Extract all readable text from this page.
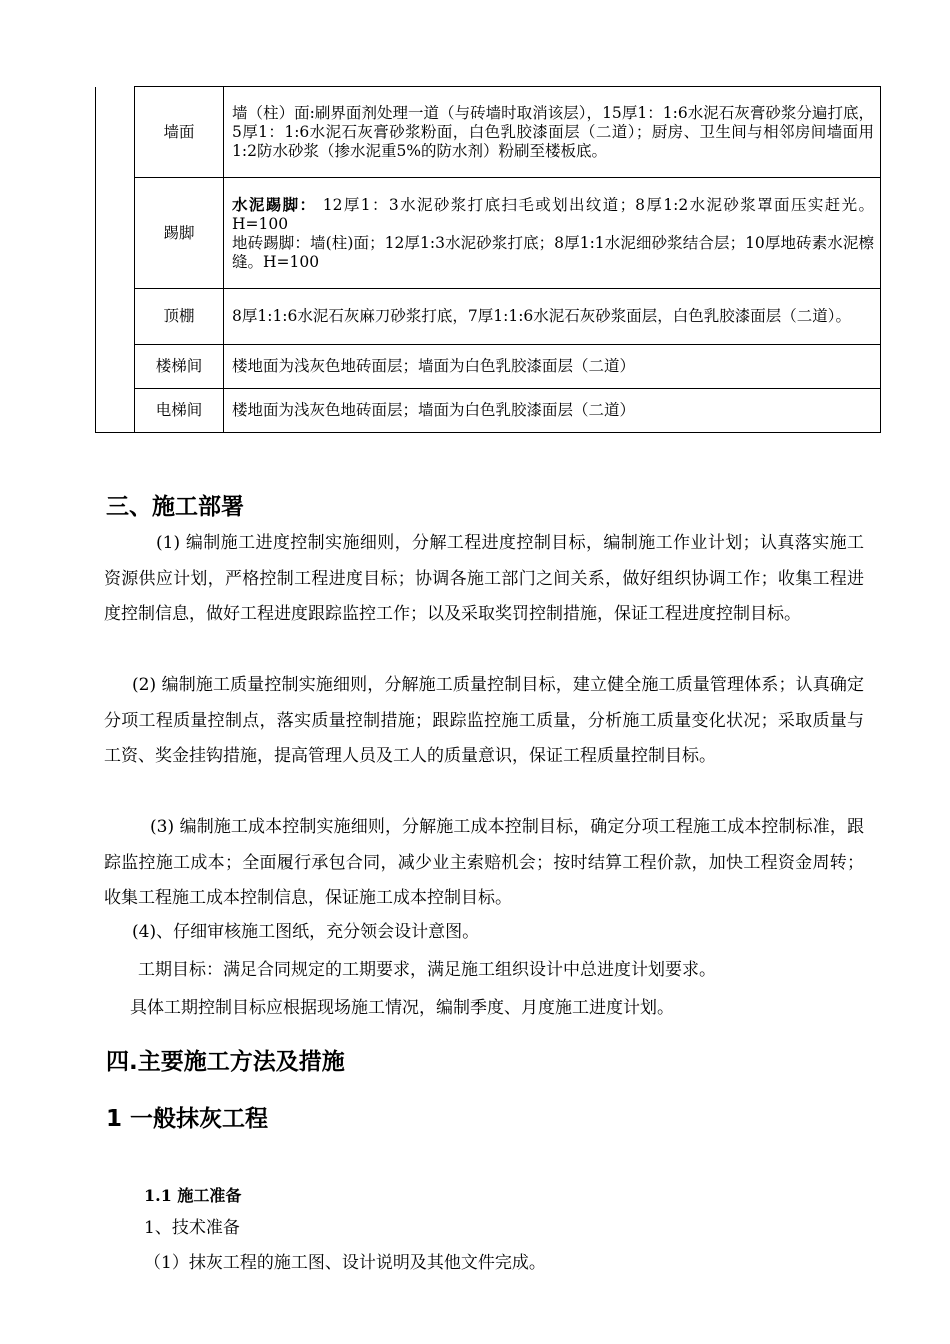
	墙面	墙（柱）面:刷界面剂处理一道（与砖墙时取消该层），15厚1：1:6水泥石灰膏砂浆分遍打底，5厚1：1:6水泥石灰膏砂浆粉面，白色乳胶漆面层（二道）；厨房、卫生间与相邻房间墙面用1:2防水砂浆（掺水泥重5%的防水剂）粉刷至楼板底。
	踢脚	水泥踢脚： 12厚1：3水泥砂浆打底扫毛或划出纹道；8厚1:2水泥砂浆罩面压实赶光。H=100
地砖踢脚：墙(柱)面；12厚1:3水泥砂浆打底；8厚1:1水泥细砂浆结合层；10厚地砖素水泥檫缝。H=100

	顶棚	8厚1:1:6水泥石灰麻刀砂浆打底，7厚1:1:6水泥石灰砂浆面层，白色乳胶漆面层（二道）。
	楼梯间	楼地面为浅灰色地砖面层；墙面为白色乳胶漆面层（二道）
	电梯间	楼地面为浅灰色地砖面层；墙面为白色乳胶漆面层（二道）
三、施工部署

(1) 编制施工进度控制实施细则，分解工程进度控制目标，编制施工作业计划；认真落实施工资源供应计划，严格控制工程进度目标；协调各施工部门之间关系，做好组织协调工作；收集工程进度控制信息，做好工程进度跟踪监控工作；以及采取奖罚控制措施，保证工程进度控制目标。

(2) 编制施工质量控制实施细则，分解施工质量控制目标，建立健全施工质量管理体系；认真确定分项工程质量控制点，落实质量控制措施；跟踪监控施工质量，分析施工质量变化状况；采取质量与工资、奖金挂钩措施，提高管理人员及工人的质量意识，保证工程质量控制目标。

(3) 编制施工成本控制实施细则，分解施工成本控制目标，确定分项工程施工成本控制标准，跟踪监控施工成本；全面履行承包合同，减少业主索赔机会；按时结算工程价款，加快工程资金周转；收集工程施工成本控制信息，保证施工成本控制目标。

(4)、仔细审核施工图纸，充分领会设计意图。

工期目标：满足合同规定的工期要求，满足施工组织设计中总进度计划要求。

具体工期控制目标应根据现场施工情况，编制季度、月度施工进度计划。

四.主要施工方法及措施
1 一般抹灰工程

1.1 施工准备

1、技术准备

（1）抹灰工程的施工图、设计说明及其他文件完成。
